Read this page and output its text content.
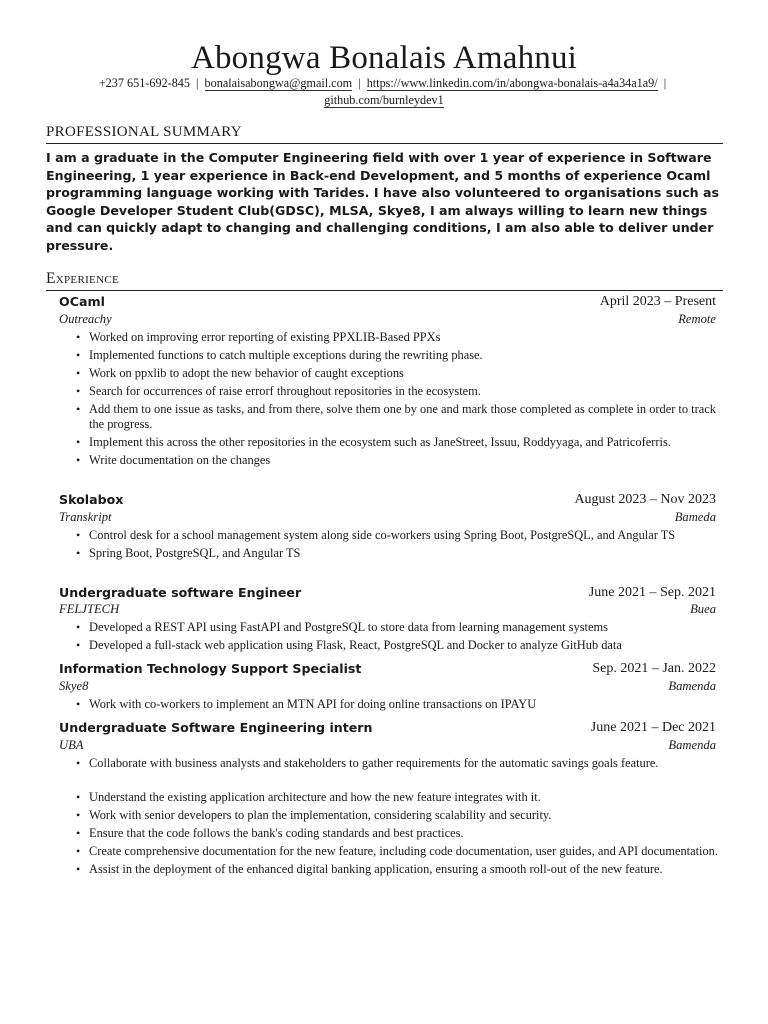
Abongwa Bonalais Amahnui
+237 651-692-845 | bonalaisabongwa@gmail.com | https://www.linkedin.com/in/abongwa-bonalais-a4a34a1a9/ |
github.com/burnleydev1
PROFESSIONAL SUMMARY
I am a graduate in the Computer Engineering field with over 1 year of experience in Software Engineering, 1 year experience in Back-end Development, and 5 months of experience Ocaml programming language working with Tarides. I have also volunteered to organisations such as Google Developer Student Club(GDSC), MLSA, Skye8, I am always willing to learn new things and can quickly adapt to changing and challenging conditions, I am also able to deliver under pressure.
Experience
OCaml	April 2023 – Present
Outreachy	Remote
• Worked on improving error reporting of existing PPXLIB-Based PPXs
• Implemented functions to catch multiple exceptions during the rewriting phase.
• Work on ppxlib to adopt the new behavior of caught exceptions
• Search for occurrences of raise errorf throughout repositories in the ecosystem.
• Add them to one issue as tasks, and from there, solve them one by one and mark those completed as complete in order to track the progress.
• Implement this across the other repositories in the ecosystem such as JaneStreet, Issuu, Roddyyaga, and Patricoferris.
• Write documentation on the changes
Skolabox	August 2023 – Nov 2023
Transkript	Bameda
• Control desk for a school management system along side co-workers using Spring Boot, PostgreSQL, and Angular TS
• Spring Boot, PostgreSQL, and Angular TS
Undergraduate software Engineer	June 2021 – Sep. 2021
FELJTECH	Buea
• Developed a REST API using FastAPI and PostgreSQL to store data from learning management systems
• Developed a full-stack web application using Flask, React, PostgreSQL and Docker to analyze GitHub data
Information Technology Support Specialist	Sep. 2021 – Jan. 2022
Skye8	Bamenda
• Work with co-workers to implement an MTN API for doing online transactions on IPAYU
Undergraduate Software Engineering intern	June 2021 – Dec 2021
UBA	Bamenda
• Collaborate with business analysts and stakeholders to gather requirements for the automatic savings goals feature.
• Understand the existing application architecture and how the new feature integrates with it.
• Work with senior developers to plan the implementation, considering scalability and security.
• Ensure that the code follows the bank's coding standards and best practices.
• Create comprehensive documentation for the new feature, including code documentation, user guides, and API documentation.
• Assist in the deployment of the enhanced digital banking application, ensuring a smooth roll-out of the new feature.
